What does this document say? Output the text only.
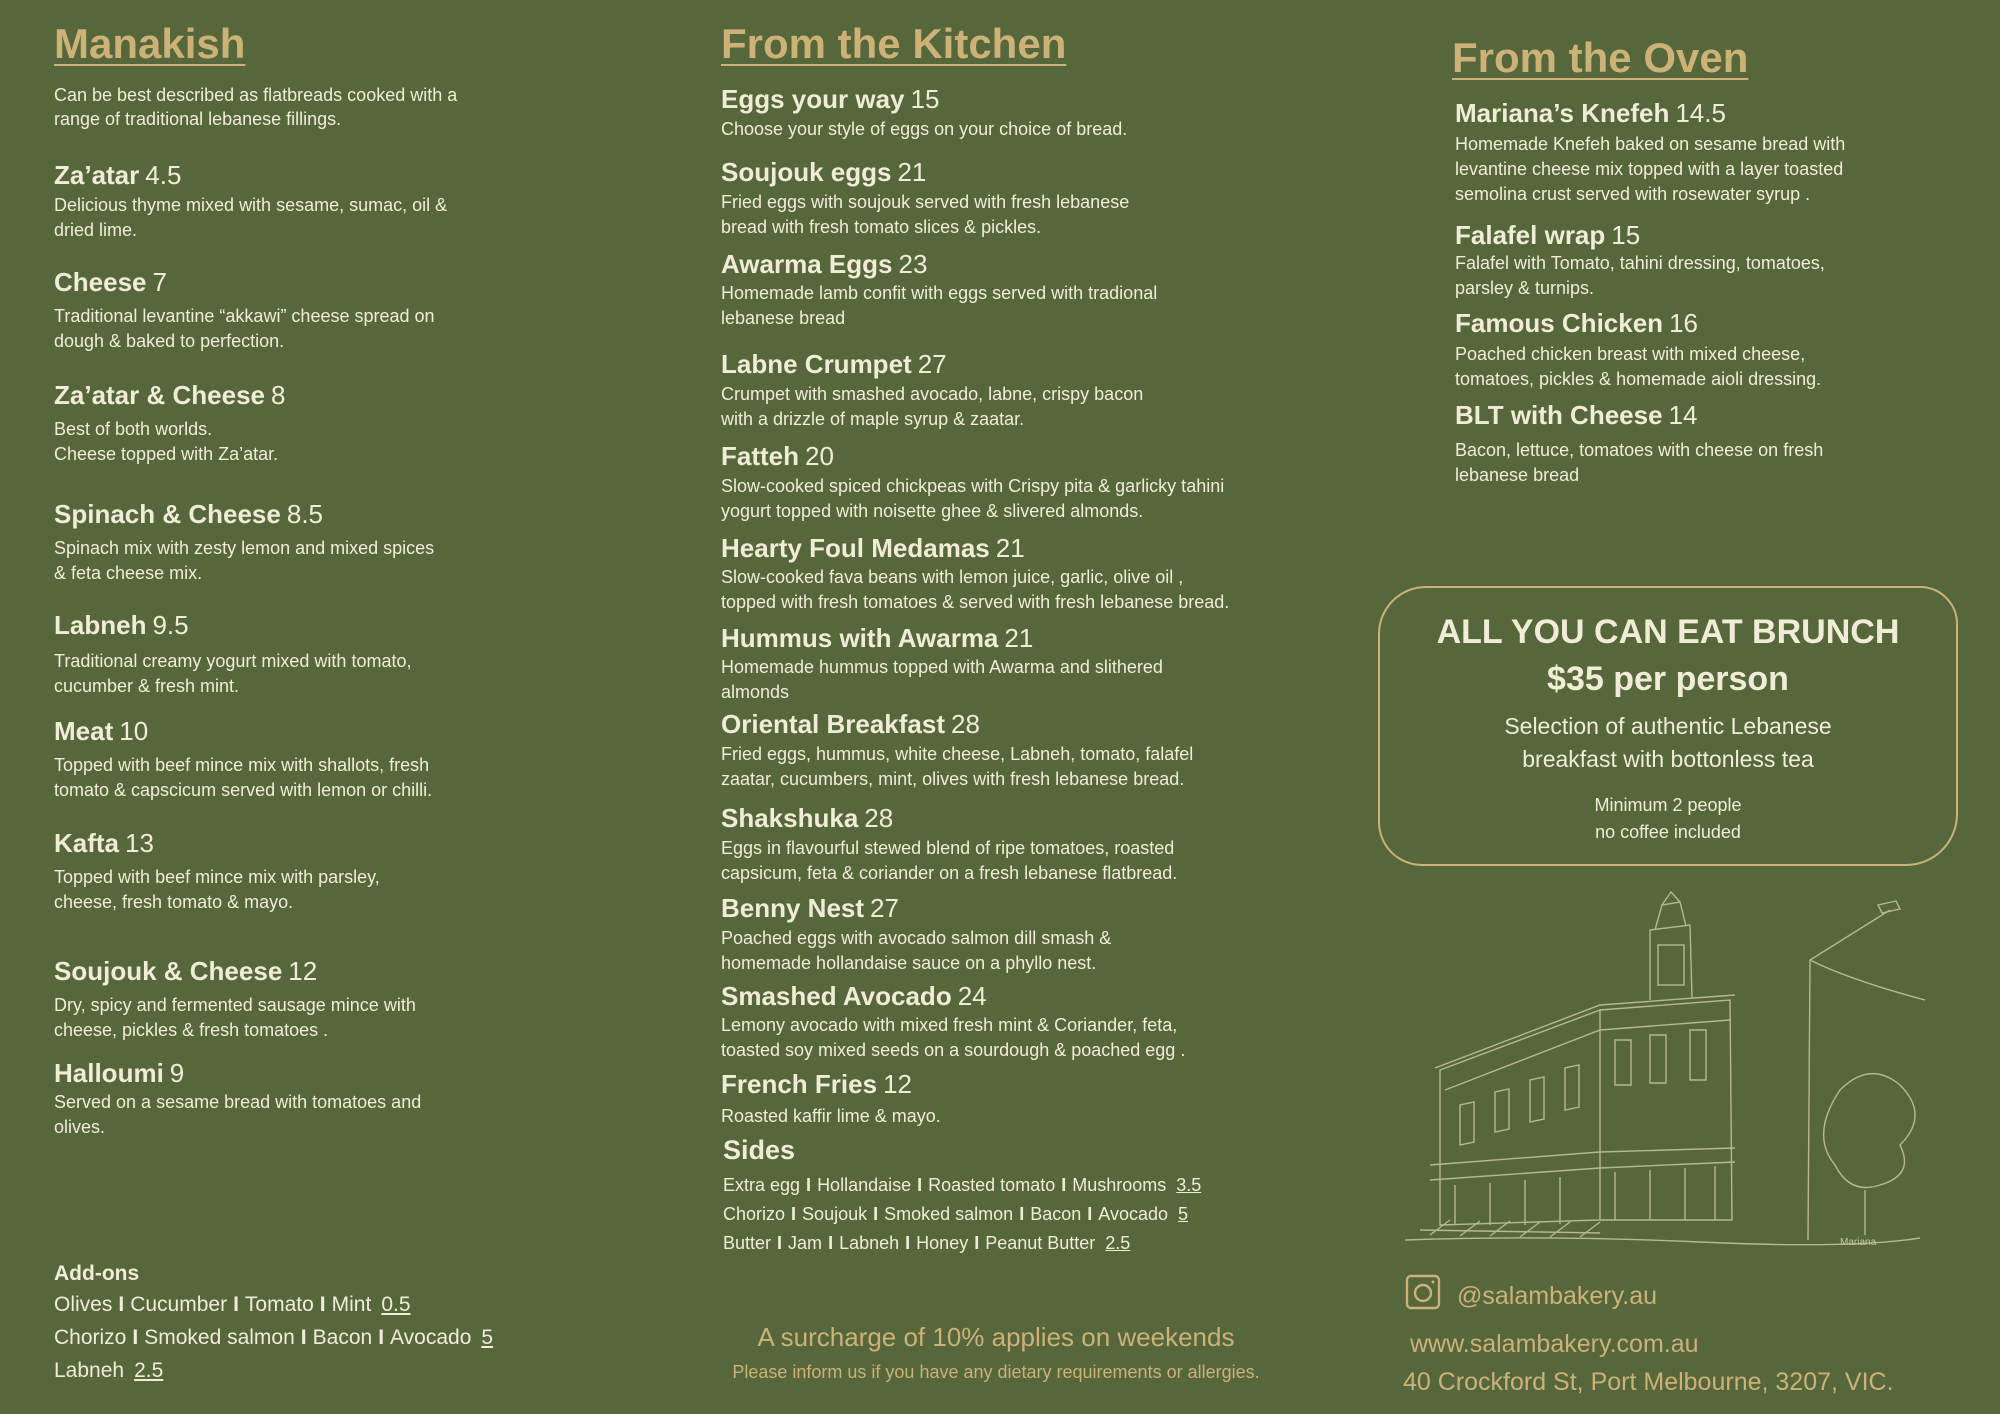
Manakish
Can be best described as flatbreads cooked with a range of traditional lebanese fillings.
Za’atar 4.5
Delicious thyme mixed with sesame, sumac, oil &
dried lime.
Cheese 7
Traditional levantine “akkawi” cheese spread on
dough & baked to perfection.
Za’atar & Cheese 8
Best of both worlds.
Cheese topped with Za’atar.
Spinach & Cheese 8.5
Spinach mix with zesty lemon and mixed spices
& feta cheese mix.
Labneh 9.5
Traditional creamy yogurt mixed with tomato,
cucumber & fresh mint.
Meat 10
Topped with beef mince mix with shallots, fresh
tomato & capscicum served with lemon or chilli.
Kafta 13
Topped with beef mince mix with parsley,
cheese, fresh tomato & mayo.
Soujouk & Cheese 12
Dry, spicy and fermented sausage mince with
cheese, pickles & fresh tomatoes .
Halloumi 9
Served on a sesame bread with tomatoes and
olives.
Add-ons
Olives I Cucumber I Tomato I Mint 0.5
Chorizo I Smoked salmon I Bacon I Avocado 5
Labneh 2.5
From the Kitchen
Eggs your way 15
Choose your style of eggs on your choice of bread.
Soujouk eggs 21
Fried eggs with soujouk served with fresh lebanese
bread with fresh tomato slices & pickles.
Awarma Eggs 23
Homemade lamb confit with eggs served with tradional
lebanese bread
Labne Crumpet 27
Crumpet with smashed avocado, labne, crispy bacon
with a drizzle of maple syrup & zaatar.
Fatteh 20
Slow-cooked spiced chickpeas with Crispy pita & garlicky tahini
yogurt topped with noisette ghee & slivered almonds.
Hearty Foul Medamas 21
Slow-cooked fava beans with lemon juice, garlic, olive oil ,
topped with fresh tomatoes & served with fresh lebanese bread.
Hummus with Awarma 21
Homemade hummus topped with Awarma and slithered
almonds
Oriental Breakfast 28
Fried eggs, hummus, white cheese, Labneh, tomato, falafel
zaatar, cucumbers, mint, olives with fresh lebanese bread.
Shakshuka 28
Eggs in flavourful stewed blend of ripe tomatoes, roasted
capsicum, feta & coriander on a fresh lebanese flatbread.
Benny Nest 27
Poached eggs with avocado salmon dill smash &
homemade hollandaise sauce on a phyllo nest.
Smashed Avocado 24
Lemony avocado with mixed fresh mint & Coriander, feta,
toasted soy mixed seeds on a sourdough & poached egg .
French Fries 12
Roasted kaffir lime & mayo.
Sides
Extra egg I Hollandaise I Roasted tomato I Mushrooms 3.5
Chorizo I Soujouk I Smoked salmon I Bacon I Avocado 5
Butter I Jam I Labneh I Honey I Peanut Butter 2.5
A surcharge of 10% applies on weekends
Please inform us if you have any dietary requirements or allergies.
From the Oven
Mariana’s Knefeh 14.5
Homemade Knefeh baked on sesame bread with
levantine cheese mix topped with a layer toasted
semolina crust served with rosewater syrup .
Falafel wrap 15
Falafel with Tomato, tahini dressing, tomatoes,
parsley & turnips.
Famous Chicken 16
Poached chicken breast with mixed cheese,
tomatoes, pickles & homemade aioli dressing.
BLT with Cheese 14
Bacon, lettuce, tomatoes with cheese on fresh
lebanese bread
ALL YOU CAN EAT BRUNCH
$35 per person
Selection of authentic Lebanese
breakfast with bottonless tea
Minimum 2 people
no coffee included
Mariana
@salambakery.au
www.salambakery.com.au
40 Crockford St, Port Melbourne, 3207, VIC.
